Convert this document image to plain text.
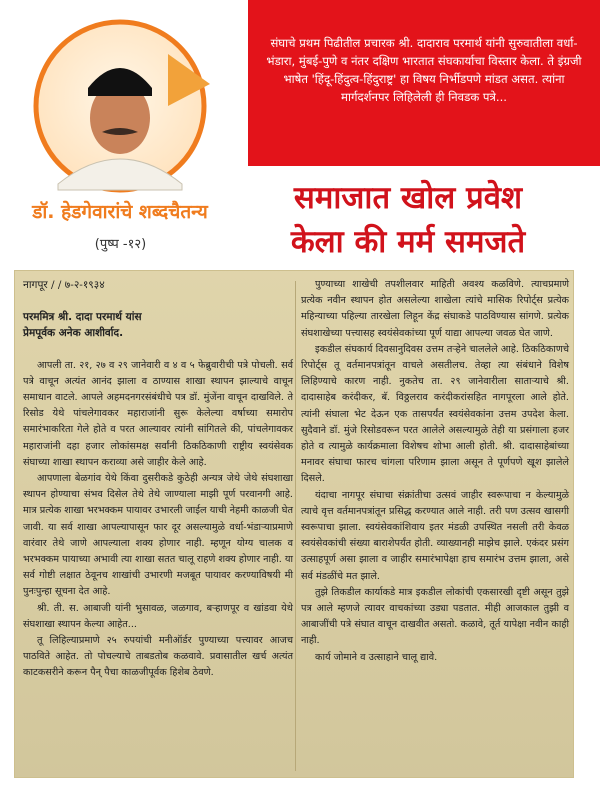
डॉ. हेडगेवारांचे शब्दचैतन्य
(पुष्प -१२)
संघाचे प्रथम पिढीतील प्रचारक श्री. दादाराव परमार्थ यांनी सुरुवातीला वर्धा-भंडारा, मुंबई-पुणे व नंतर दक्षिण भारतात संघकार्याचा विस्तार केला. ते इंग्रजी भाषेत 'हिंदू-हिंदुत्व-हिंदुराष्ट्र' हा विषय निर्भीडपणे मांडत असत. त्यांना मार्गदर्शनपर लिहिलेली ही निवडक पत्रे...
समाजात खोल प्रवेश
केला की मर्म समजते

नागपूर / / ७-२-१९३४

परममित्र श्री. दादा परमार्थ यांस

प्रेमपूर्वक अनेक आशीर्वाद.

आपली ता. २१, २७ व २९ जानेवारी व ४ व ५ फेब्रुवारीची पत्रे पोचली. सर्व पत्रे वाचून अत्यंत आनंद झाला व ठाण्यास शाखा स्थापन झाल्याचे वाचून समाधान वाटले. आपले अहमदनगरसंबंधीचे पत्र डॉ. मुंजेंना वाचून दाखविले. ते रिसोड येथे पांचलेगावकर महाराजांनी सुरू केलेल्या वर्षाच्या समारोप समारंभाकरिता गेले होते व परत आल्यावर त्यांनी सांगितले की, पांचलेगावकर महाराजांनी दहा हजार लोकांसमक्ष सर्वांनी ठिकठिकाणी राष्ट्रीय स्वयंसेवक संघाच्या शाखा स्थापन कराव्या असे जाहीर केले आहे.

आपणाला बेळगांव येथे किंवा दुसरीकडे कुठेही अन्यत्र जेथे जेथे संघशाखा स्थापन होण्याचा संभव दिसेल तेथे तेथे जाण्याला माझी पूर्ण परवानगी आहे. मात्र प्रत्येक शाखा भरभक्कम पायावर उभारली जाईल याची नेहमी काळजी घेत जावी. या सर्व शाखा आपल्यापासून फार दूर असल्यामुळे वर्धा-भंडाऱ्याप्रमाणे वारंवार तेथे जाणे आपल्याला शक्य होणार नाही. म्हणून योग्य चालक व भरभक्कम पायाच्या अभावी त्या शाखा सतत चालू राहणे शक्य होणार नाही. या सर्व गोष्टी लक्षात ठेवूनच शाखांची उभारणी मजबूत पायावर करण्याविषयी मी पुनःपुन्हा सूचना देत आहे.

श्री. ती. स. आबाजी यांनी भुसावळ, जळगाव, बऱ्हाणपूर व खांडवा येथे संघशाखा स्थापन केल्या आहेत...

तू लिहिल्याप्रमाणे २५ रुपयांची मनीऑर्डर पुण्याच्या पत्त्यावर आजच पाठविते आहेत. तो पोचल्याचे ताबडतोब कळवावे. प्रवासातील खर्च अत्यंत काटकसरीने करून पैन् पैचा काळजीपूर्वक हिशेब ठेवणे.

पुण्याच्या शाखेची तपशीलवार माहिती अवश्य कळविणे. त्याचप्रमाणे प्रत्येक नवीन स्थापन होत असलेल्या शाखेला त्यांचे मासिक रिपोर्ट्स प्रत्येक महिन्याच्या पहिल्या तारखेला लिहून केंद्र संघाकडे पाठविण्यास सांगणे. प्रत्येक संघशाखेच्या पत्त्यासह स्वयंसेवकांच्या पूर्ण याद्या आपल्या जवळ घेत जाणे.

इकडील संघकार्य दिवसानुदिवस उत्तम तऱ्हेने चाललेले आहे. ठिकठिकाणचे रिपोर्ट्स तू वर्तमानपत्रांतून वाचले असतीलच. तेव्हा त्या संबंधाने विशेष लिहिण्याचे कारण नाही. नुकतेच ता. २९ जानेवारीला साताऱ्याचे श्री. दादासाहेब करंदीकर, बॅ. विठ्ठलराव करंदीकरांसहित नागपूरला आले होते. त्यांनी संघाला भेट देऊन एक तासपर्यंत स्वयंसेवकांना उत्तम उपदेश केला. सुदैवाने डॉ. मुंजे रिसोडवरून परत आलेले असल्यामुळे तेही या प्रसंगाला हजर होते व त्यामुळे कार्यक्रमाला विशेषच शोभा आली होती. श्री. दादासाहेबांच्या मनावर संघाचा फारच चांगला परिणाम झाला असून ते पूर्णपणे खूश झालेले दिसले.

यंदाचा नागपूर संघाचा संक्रांतीचा उत्सवं जाहीर स्वरूपाचा न केल्यामुळे त्याचे वृत्त वर्तमानपत्रांतून प्रसिद्ध करण्यात आले नाही. तरी पण उत्सव खासगी स्वरूपाचा झाला. स्वयंसेवकांशिवाय इतर मंडळी उपस्थित नसली तरी केवळ स्वयंसेवकांची संख्या बाराशेपर्यंत होती. व्याख्यानही माझेच झाले. एकंदर प्रसंग उत्साहपूर्ण असा झाला व जाहीर समारंभापेक्षा हाच समारंभ उत्तम झाला, असे सर्व मंडळींचे मत झाले.

तुझे तिकडील कार्याकडे मात्र इकडील लोकांची एकसारखी दृष्टी असून तुझे पत्र आले म्हणजे त्यावर वाचकांच्या उड्या पडतात. मीही आजकाल तुझी व आबाजींची पत्रे संघात वाचून दाखवीत असतो. कळावे, तूर्त यापेक्षा नवीन काही नाही.

कार्य जोमाने व उत्साहाने चालू द्यावे.
